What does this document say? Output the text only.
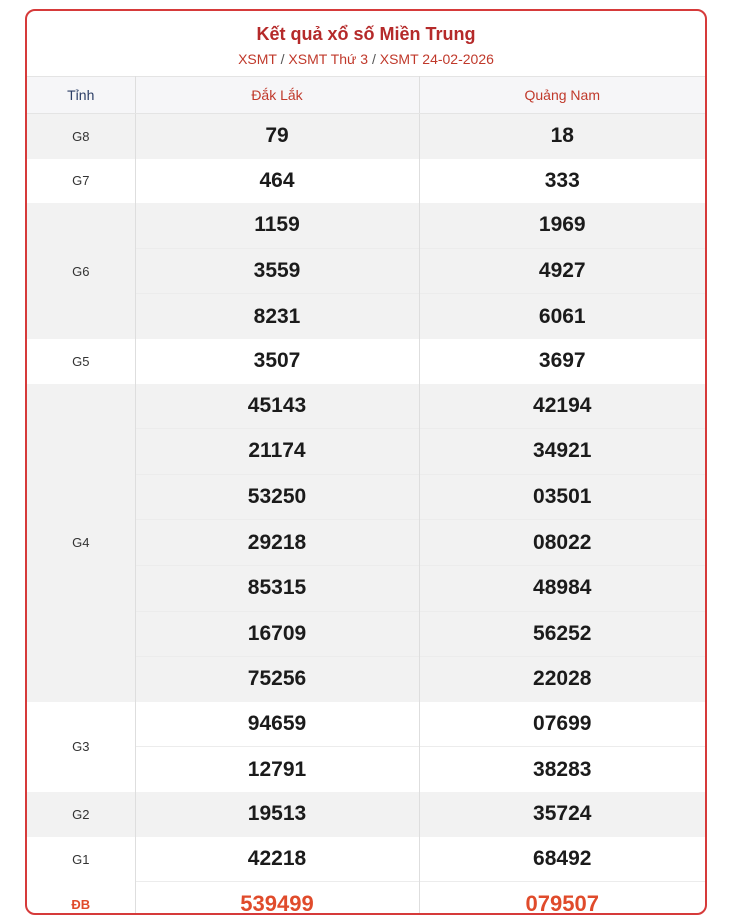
Kết quả xổ số Miền Trung
XSMT / XSMT Thứ 3 / XSMT 24-02-2026
Tỉnh	Đắk Lắk	Quảng Nam
G8	79	18
G7	464	333
G6	1159	1969
	3559	4927
	8231	6061
G5	3507	3697
G4	45143	42194
	21174	34921
	53250	03501
	29218	08022
	85315	48984
	16709	56252
	75256	22028
G3	94659	07699
	12791	38283
G2	19513	35724
G1	42218	68492
ĐB	539499	079507
